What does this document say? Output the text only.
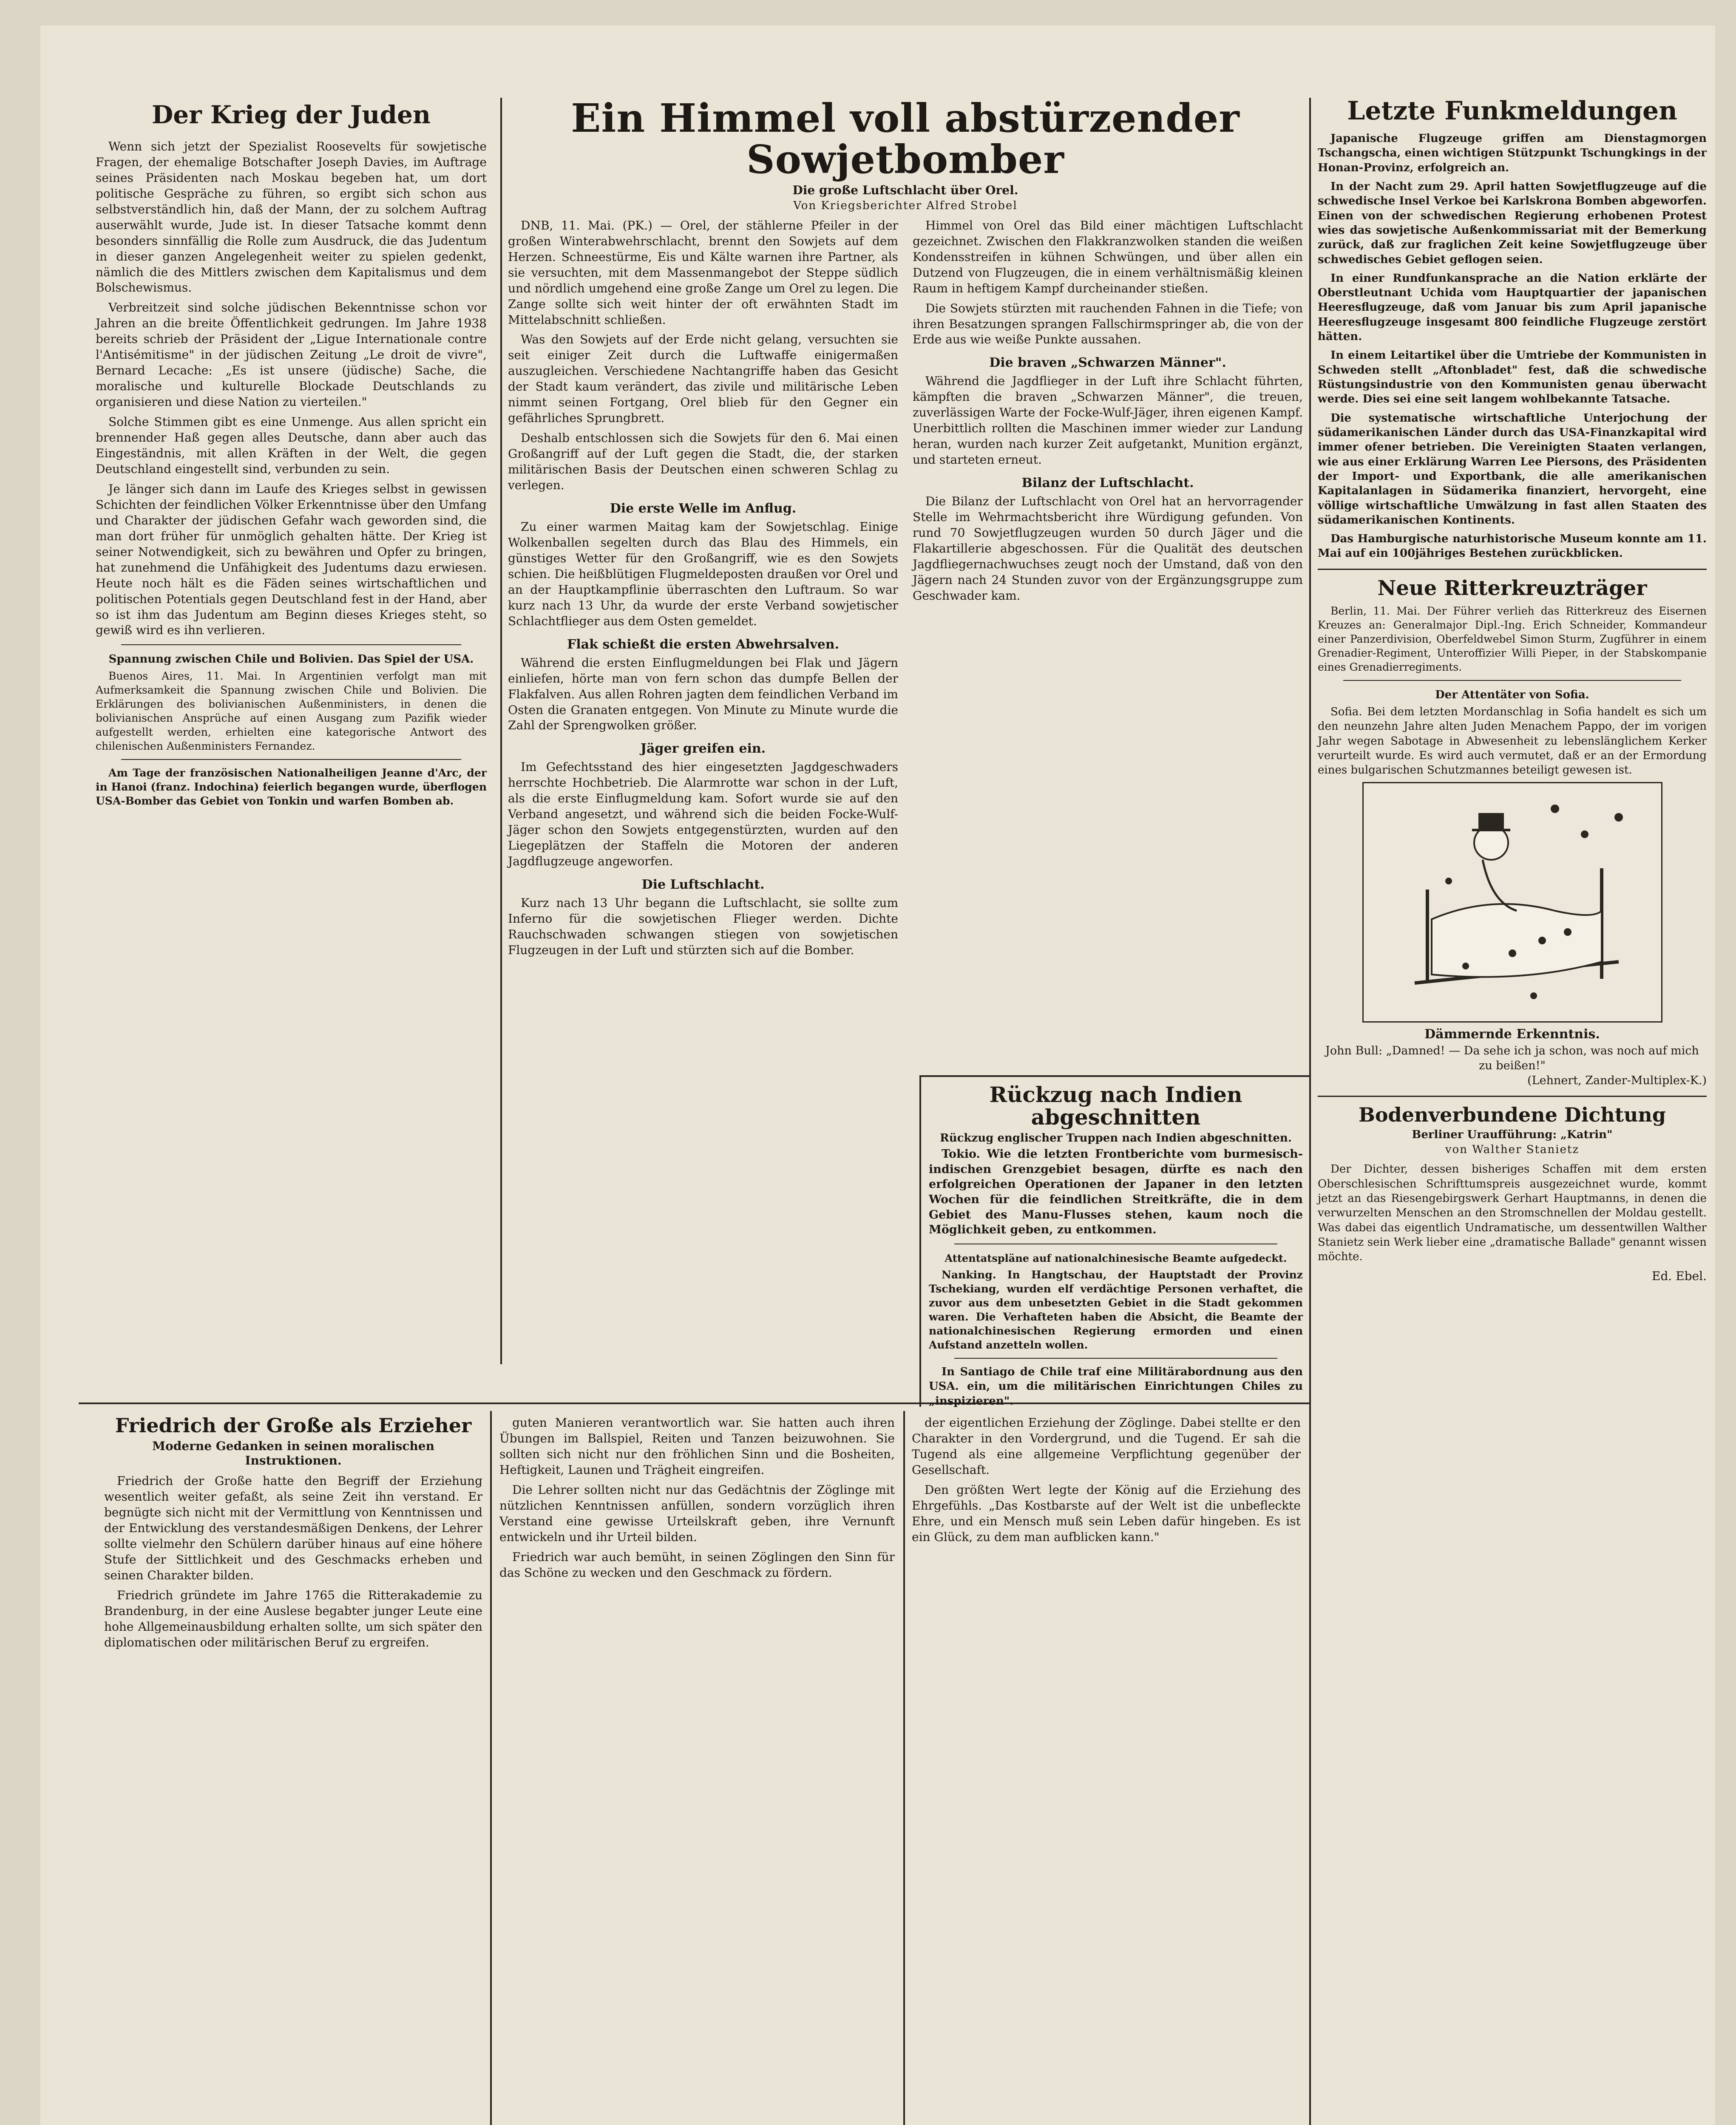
Der Krieg der Juden

Wenn sich jetzt der Spezialist Roosevelts für sowjetische Fragen, der ehemalige Botschafter Joseph Davies, im Auftrage seines Präsidenten nach Moskau begeben hat, um dort politische Gespräche zu führen, so ergibt sich schon aus selbstverständlich hin, daß der Mann, der zu solchem Auftrag auserwählt wurde, Jude ist. In dieser Tatsache kommt denn besonders sinnfällig die Rolle zum Ausdruck, die das Judentum in dieser ganzen Angelegenheit weiter zu spielen gedenkt, nämlich die des Mittlers zwischen dem Kapitalismus und dem Bolschewismus.

Verbreitzeit sind solche jüdischen Bekenntnisse schon vor Jahren an die breite Öffentlichkeit gedrungen. Im Jahre 1938 bereits schrieb der Präsident der „Ligue Internationale contre l'Antisémitisme" in der jüdischen Zeitung „Le droit de vivre", Bernard Lecache: „Es ist unsere (jüdische) Sache, die moralische und kulturelle Blockade Deutschlands zu organisieren und diese Nation zu vierteilen."

Solche Stimmen gibt es eine Unmenge. Aus allen spricht ein brennender Haß gegen alles Deutsche, dann aber auch das Eingeständnis, mit allen Kräften in der Welt, die gegen Deutschland eingestellt sind, verbunden zu sein.

Je länger sich dann im Laufe des Krieges selbst in gewissen Schichten der feindlichen Völker Erkenntnisse über den Umfang und Charakter der jüdischen Gefahr wach geworden sind, die man dort früher für unmöglich gehalten hätte. Der Krieg ist seiner Notwendigkeit, sich zu bewähren und Opfer zu bringen, hat zunehmend die Unfähigkeit des Judentums dazu erwiesen. Heute noch hält es die Fäden seines wirtschaftlichen und politischen Potentials gegen Deutschland fest in der Hand, aber so ist ihm das Judentum am Beginn dieses Krieges steht, so gewiß wird es ihn verlieren.

Spannung zwischen Chile und Bolivien. Das Spiel der USA.

Buenos Aires, 11. Mai. In Argentinien verfolgt man mit Aufmerksamkeit die Spannung zwischen Chile und Bolivien. Die Erklärungen des bolivianischen Außenministers, in denen die bolivianischen Ansprüche auf einen Ausgang zum Pazifik wieder aufgestellt werden, erhielten eine kategorische Antwort des chilenischen Außenministers Fernandez.

Am Tage der französischen Nationalheiligen Jeanne d'Arc, der in Hanoi (franz. Indochina) feierlich begangen wurde, überflogen USA-Bomber das Gebiet von Tonkin und warfen Bomben ab.

Ein Himmel voll abstürzender Sowjetbomber
Die große Luftschlacht über Orel.
Von Kriegsberichter Alfred Strobel

DNB, 11. Mai. (PK.) — Orel, der stählerne Pfeiler in der großen Winterabwehrschlacht, brennt den Sowjets auf dem Herzen. Schneestürme, Eis und Kälte warnen ihre Partner, als sie versuchten, mit dem Massenmangebot der Steppe südlich und nördlich umgehend eine große Zange um Orel zu legen. Die Zange sollte sich weit hinter der oft erwähnten Stadt im Mittelabschnitt schließen.

Was den Sowjets auf der Erde nicht gelang, versuchten sie seit einiger Zeit durch die Luftwaffe einigermaßen auszugleichen. Verschiedene Nachtangriffe haben das Gesicht der Stadt kaum verändert, das zivile und militärische Leben nimmt seinen Fortgang, Orel blieb für den Gegner ein gefährliches Sprungbrett.

Deshalb entschlossen sich die Sowjets für den 6. Mai einen Großangriff auf der Luft gegen die Stadt, die, der starken militärischen Basis der Deutschen einen schweren Schlag zu verlegen.

Die erste Welle im Anflug.

Zu einer warmen Maitag kam der Sowjetschlag. Einige Wolkenballen segelten durch das Blau des Himmels, ein günstiges Wetter für den Großangriff, wie es den Sowjets schien. Die heißblütigen Flugmeldeposten draußen vor Orel und an der Hauptkampflinie überraschten den Luftraum. So war kurz nach 13 Uhr, da wurde der erste Verband sowjetischer Schlachtflieger aus dem Osten gemeldet.

Flak schießt die ersten Abwehrsalven.

Während die ersten Einflugmeldungen bei Flak und Jägern einliefen, hörte man von fern schon das dumpfe Bellen der Flakfalven. Aus allen Rohren jagten dem feindlichen Verband im Osten die Granaten entgegen. Von Minute zu Minute wurde die Zahl der Sprengwolken größer.

Jäger greifen ein.

Im Gefechtsstand des hier eingesetzten Jagdgeschwaders herrschte Hochbetrieb. Die Alarmrotte war schon in der Luft, als die erste Einflugmeldung kam. Sofort wurde sie auf den Verband angesetzt, und während sich die beiden Focke-Wulf-Jäger schon den Sowjets entgegenstürzten, wurden auf den Liegeplätzen der Staffeln die Motoren der anderen Jagdflugzeuge angeworfen.

Die Luftschlacht.

Kurz nach 13 Uhr begann die Luftschlacht, sie sollte zum Inferno für die sowjetischen Flieger werden. Dichte Rauchschwaden schwangen stiegen von sowjetischen Flugzeugen in der Luft und stürzten sich auf die Bomber.

Himmel von Orel das Bild einer mächtigen Luftschlacht gezeichnet. Zwischen den Flakkranzwolken standen die weißen Kondensstreifen in kühnen Schwüngen, und über allen ein Dutzend von Flugzeugen, die in einem verhältnismäßig kleinen Raum in heftigem Kampf durcheinander stießen.

Die Sowjets stürzten mit rauchenden Fahnen in die Tiefe; von ihren Besatzungen sprangen Fallschirmspringer ab, die von der Erde aus wie weiße Punkte aussahen.

Die braven „Schwarzen Männer".

Während die Jagdflieger in der Luft ihre Schlacht führten, kämpften die braven „Schwarzen Männer", die treuen, zuverlässigen Warte der Focke-Wulf-Jäger, ihren eigenen Kampf. Unerbittlich rollten die Maschinen immer wieder zur Landung heran, wurden nach kurzer Zeit aufgetankt, Munition ergänzt, und starteten erneut.

Bilanz der Luftschlacht.

Die Bilanz der Luftschlacht von Orel hat an hervorragender Stelle im Wehrmachtsbericht ihre Würdigung gefunden. Von rund 70 Sowjetflugzeugen wurden 50 durch Jäger und die Flakartillerie abgeschossen. Für die Qualität des deutschen Jagdfliegernachwuchses zeugt noch der Umstand, daß von den Jägern nach 24 Stunden zuvor von der Ergänzungsgruppe zum Geschwader kam.

Rückzug nach Indien abgeschnitten
Rückzug englischer Truppen nach Indien abgeschnitten.

Tokio. Wie die letzten Frontberichte vom burmesisch-indischen Grenzgebiet besagen, dürfte es nach den erfolgreichen Operationen der Japaner in den letzten Wochen für die feindlichen Streitkräfte, die in dem Gebiet des Manu-Flusses stehen, kaum noch die Möglichkeit geben, zu entkommen.

Attentatspläne auf nationalchinesische Beamte aufgedeckt.

Nanking. In Hangtschau, der Hauptstadt der Provinz Tschekiang, wurden elf verdächtige Personen verhaftet, die zuvor aus dem unbesetzten Gebiet in die Stadt gekommen waren. Die Verhafteten haben die Absicht, die Beamte der nationalchinesischen Regierung ermorden und einen Aufstand anzetteln wollen.

In Santiago de Chile traf eine Militärabordnung aus den USA. ein, um die militärischen Einrichtungen Chiles zu „inspizieren".

Letzte Funkmeldungen

Japanische Flugzeuge griffen am Dienstagmorgen Tschangscha, einen wichtigen Stützpunkt Tschungkings in der Honan-Provinz, erfolgreich an.

In der Nacht zum 29. April hatten Sowjetflugzeuge auf die schwedische Insel Verkoe bei Karlskrona Bomben abgeworfen. Einen von der schwedischen Regierung erhobenen Protest wies das sowjetische Außenkommissariat mit der Bemerkung zurück, daß zur fraglichen Zeit keine Sowjetflugzeuge über schwedisches Gebiet geflogen seien.

In einer Rundfunkansprache an die Nation erklärte der Oberstleutnant Uchida vom Hauptquartier der japanischen Heeresflugzeuge, daß vom Januar bis zum April japanische Heeresflugzeuge insgesamt 800 feindliche Flugzeuge zerstört hätten.

In einem Leitartikel über die Umtriebe der Kommunisten in Schweden stellt „Aftonbladet" fest, daß die schwedische Rüstungsindustrie von den Kommunisten genau überwacht werde. Dies sei eine seit langem wohlbekannte Tatsache.

Die systematische wirtschaftliche Unterjochung der südamerikanischen Länder durch das USA-Finanzkapital wird immer ofener betrieben. Die Vereinigten Staaten verlangen, wie aus einer Erklärung Warren Lee Piersons, des Präsidenten der Import- und Exportbank, die alle amerikanischen Kapitalanlagen in Südamerika finanziert, hervorgeht, eine völlige wirtschaftliche Umwälzung in fast allen Staaten des südamerikanischen Kontinents.

Das Hamburgische naturhistorische Museum konnte am 11. Mai auf ein 100jähriges Bestehen zurückblicken.

Neue Ritterkreuzträger

Berlin, 11. Mai. Der Führer verlieh das Ritterkreuz des Eisernen Kreuzes an: Generalmajor Dipl.-Ing. Erich Schneider, Kommandeur einer Panzerdivision, Oberfeldwebel Simon Sturm, Zugführer in einem Grenadier-Regiment, Unteroffizier Willi Pieper, in der Stabskompanie eines Grenadierregiments.

Der Attentäter von Sofia.

Sofia. Bei dem letzten Mordanschlag in Sofia handelt es sich um den neunzehn Jahre alten Juden Menachem Pappo, der im vorigen Jahr wegen Sabotage in Abwesenheit zu lebenslänglichem Kerker verurteilt wurde. Es wird auch vermutet, daß er an der Ermordung eines bulgarischen Schutzmannes beteiligt gewesen ist.

Dämmernde Erkenntnis.

John Bull: „Damned! — Da sehe ich ja schon, was noch auf mich zu beißen!"

(Lehnert, Zander-Multiplex-K.)

Bodenverbundene Dichtung
Berliner Uraufführung: „Katrin"
von Walther Stanietz

Der Dichter, dessen bisheriges Schaffen mit dem ersten Oberschlesischen Schrifttumspreis ausgezeichnet wurde, kommt jetzt an das Riesengebirgswerk Gerhart Hauptmanns, in denen die verwurzelten Menschen an den Stromschnellen der Moldau gestellt. Was dabei das eigentlich Undramatische, um dessentwillen Walther Stanietz sein Werk lieber eine „dramatische Ballade" genannt wissen möchte.

Ed. Ebel.

Friedrich der Große als Erzieher
Moderne Gedanken in seinen moralischen Instruktionen.

Friedrich der Große hatte den Begriff der Erziehung wesentlich weiter gefaßt, als seine Zeit ihn verstand. Er begnügte sich nicht mit der Vermittlung von Kenntnissen und der Entwicklung des verstandesmäßigen Denkens, der Lehrer sollte vielmehr den Schülern darüber hinaus auf eine höhere Stufe der Sittlichkeit und des Geschmacks erheben und seinen Charakter bilden.

Friedrich gründete im Jahre 1765 die Ritterakademie zu Brandenburg, in der eine Auslese begabter junger Leute eine hohe Allgemeinausbildung erhalten sollte, um sich später den diplomatischen oder militärischen Beruf zu ergreifen.

guten Manieren verantwortlich war. Sie hatten auch ihren Übungen im Ballspiel, Reiten und Tanzen beizuwohnen. Sie sollten sich nicht nur den fröhlichen Sinn und die Bosheiten, Heftigkeit, Launen und Trägheit eingreifen.

Die Lehrer sollten nicht nur das Gedächtnis der Zöglinge mit nützlichen Kenntnissen anfüllen, sondern vorzüglich ihren Verstand eine gewisse Urteilskraft geben, ihre Vernunft entwickeln und ihr Urteil bilden.

Friedrich war auch bemüht, in seinen Zöglingen den Sinn für das Schöne zu wecken und den Geschmack zu fördern.

der eigentlichen Erziehung der Zöglinge. Dabei stellte er den Charakter in den Vordergrund, und die Tugend. Er sah die Tugend als eine allgemeine Verpflichtung gegenüber der Gesellschaft.

Den größten Wert legte der König auf die Erziehung des Ehrgefühls. „Das Kostbarste auf der Welt ist die unbefleckte Ehre, und ein Mensch muß sein Leben dafür hingeben. Es ist ein Glück, zu dem man aufblicken kann."
